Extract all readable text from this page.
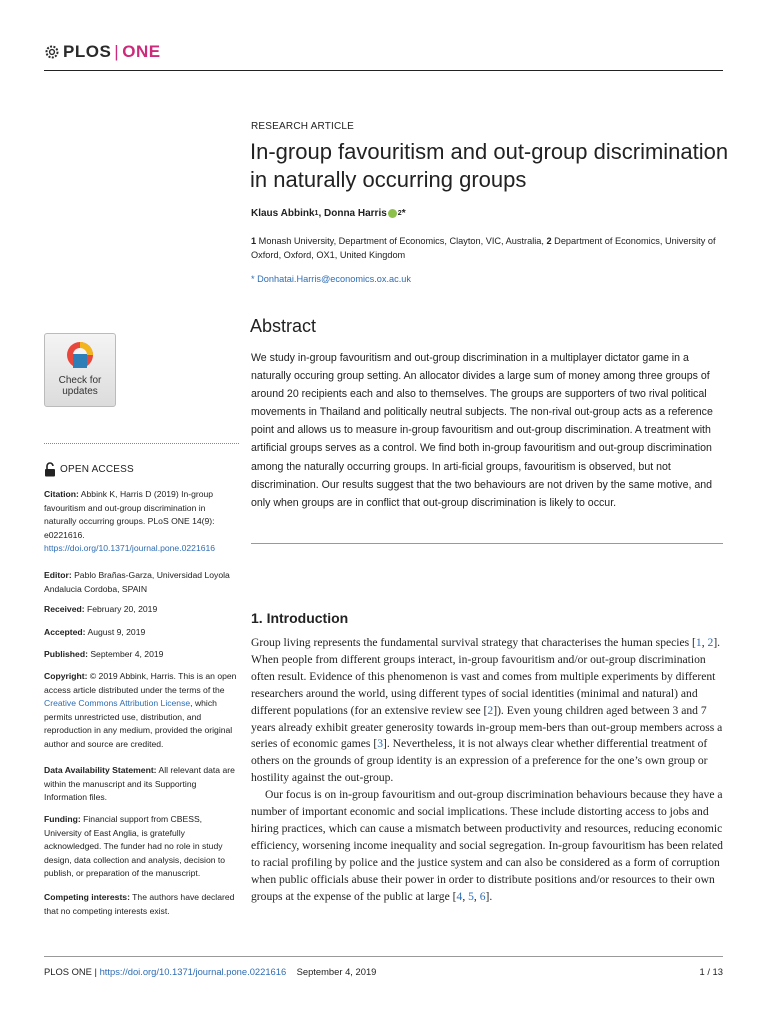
PLOS | ONE
RESEARCH ARTICLE
In-group favouritism and out-group discrimination in naturally occurring groups
Klaus Abbink 1 , Donna Harris 2 *
1 Monash University, Department of Economics, Clayton, VIC, Australia, 2 Department of Economics, University of Oxford, Oxford, OX1, United Kingdom
* Donhatai.Harris@economics.ox.ac.uk
Abstract

We study in-group favouritism and out-group discrimination in a multiplayer dictator game in a naturally occuring group setting. An allocator divides a large sum of money among three groups of around 20 recipients each and also to themselves. The groups are supporters of two rival political movements in Thailand and politically neutral subjects. The non-rival out-group acts as a reference point and allows us to measure in-group favouritism and out-group discrimination. A treatment with artificial groups serves as a control. We find both in-group favouritism and out-group discrimination among the naturally occurring groups. In arti-ficial groups, favouritism is observed, but not discrimination. Our results suggest that the two behaviours are not driven by the same motive, and only when groups are in conflict that out-group discrimination is likely to occur.

1. Introduction

Group living represents the fundamental survival strategy that characterises the human species [1, 2]. When people from different groups interact, in-group favouritism and/or out-group discrimination often result. Evidence of this phenomenon is vast and comes from multiple experiments by different researchers around the world, using different types of social identities (minimal and natural) and different populations (for an extensive review see [2]). Even young children aged between 3 and 7 years already exhibit greater generosity towards in-group mem-bers than out-group members across a series of economic games [3]. Nevertheless, it is not always clear whether differential treatment of others on the grounds of group identity is an expression of a preference for the one’s own group or hostility against the out-group.

Our focus is on in-group favouritism and out-group discrimination behaviours because they have a number of important economic and social implications. These include distorting access to jobs and hiring practices, which can cause a mismatch between productivity and resources, reducing economic efficiency, worsening income inequality and social segregation. In-group favouritism has been related to racial profiling by police and the justice system and can also be considered as a form of corruption when public officials abuse their power in order to distribute positions and/or resources to their own groups at the expense of the public at large [4, 5, 6].

Check for updates
OPEN ACCESS
Citation: Abbink K, Harris D (2019) In-group favouritism and out-group discrimination in naturally occurring groups. PLoS ONE 14(9): e0221616. https://doi.org/10.1371/journal.pone.0221616
Editor: Pablo Brañas-Garza, Universidad Loyola Andalucia Cordoba, SPAIN
Received: February 20, 2019
Accepted: August 9, 2019
Published: September 4, 2019
Copyright: © 2019 Abbink, Harris. This is an open access article distributed under the terms of the Creative Commons Attribution License, which permits unrestricted use, distribution, and reproduction in any medium, provided the original author and source are credited.
Data Availability Statement: All relevant data are within the manuscript and its Supporting Information files.
Funding: Financial support from CBESS, University of East Anglia, is gratefully acknowledged. The funder had no role in study design, data collection and analysis, decision to publish, or preparation of the manuscript.
Competing interests: The authors have declared that no competing interests exist.
PLOS ONE | https://doi.org/10.1371/journal.pone.0221616 September 4, 2019	1 / 13
